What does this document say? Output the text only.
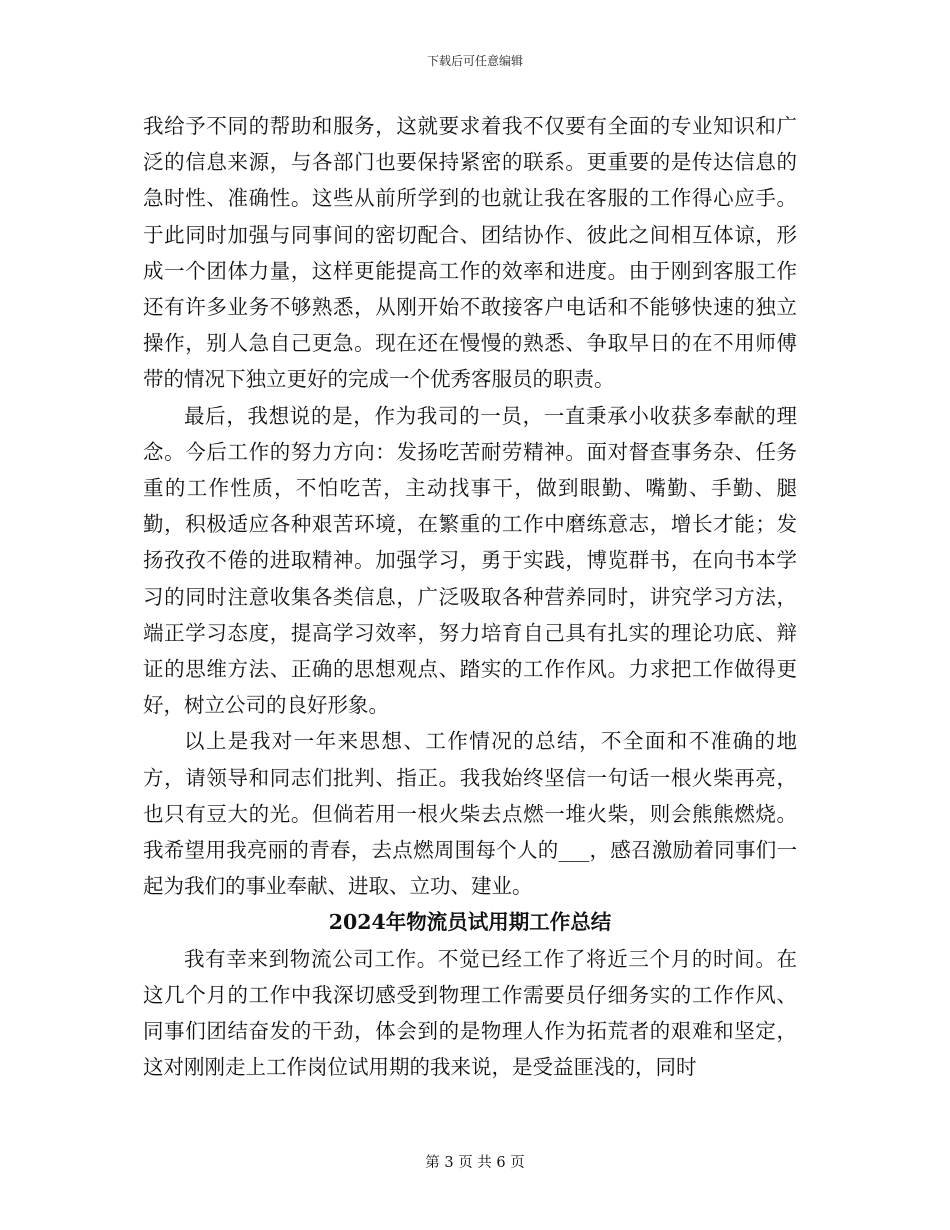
下载后可任意编辑

我给予不同的帮助和服务，这就要求着我不仅要有全面的专业知识和广泛的信息来源，与各部门也要保持紧密的联系。更重要的是传达信息的急时性、准确性。这些从前所学到的也就让我在客服的工作得心应手。于此同时加强与同事间的密切配合、团结协作、彼此之间相互体谅，形成一个团体力量，这样更能提高工作的效率和进度。由于刚到客服工作还有许多业务不够熟悉，从刚开始不敢接客户电话和不能够快速的独立操作，别人急自己更急。现在还在慢慢的熟悉、争取早日的在不用师傅带的情况下独立更好的完成一个优秀客服员的职责。

最后，我想说的是，作为我司的一员，一直秉承小收获多奉献的理念。今后工作的努力方向：发扬吃苦耐劳精神。面对督查事务杂、任务重的工作性质，不怕吃苦，主动找事干，做到眼勤、嘴勤、手勤、腿勤，积极适应各种艰苦环境，在繁重的工作中磨练意志，增长才能；发扬孜孜不倦的进取精神。加强学习，勇于实践，博览群书，在向书本学习的同时注意收集各类信息，广泛吸取各种营养同时，讲究学习方法，端正学习态度，提高学习效率，努力培育自己具有扎实的理论功底、辩证的思维方法、正确的思想观点、踏实的工作作风。力求把工作做得更好，树立公司的良好形象。

以上是我对一年来思想、工作情况的总结，不全面和不准确的地方，请领导和同志们批判、指正。我我始终坚信一句话一根火柴再亮，也只有豆大的光。但倘若用一根火柴去点燃一堆火柴，则会熊熊燃烧。我希望用我亮丽的青春，去点燃周围每个人的___，感召激励着同事们一起为我们的事业奉献、进取、立功、建业。

2024年物流员试用期工作总结

我有幸来到物流公司工作。不觉已经工作了将近三个月的时间。在这几个月的工作中我深切感受到物理工作需要员仔细务实的工作作风、同事们团结奋发的干劲，体会到的是物理人作为拓荒者的艰难和坚定，这对刚刚走上工作岗位试用期的我来说，是受益匪浅的，同时

第 3 页 共 6 页
